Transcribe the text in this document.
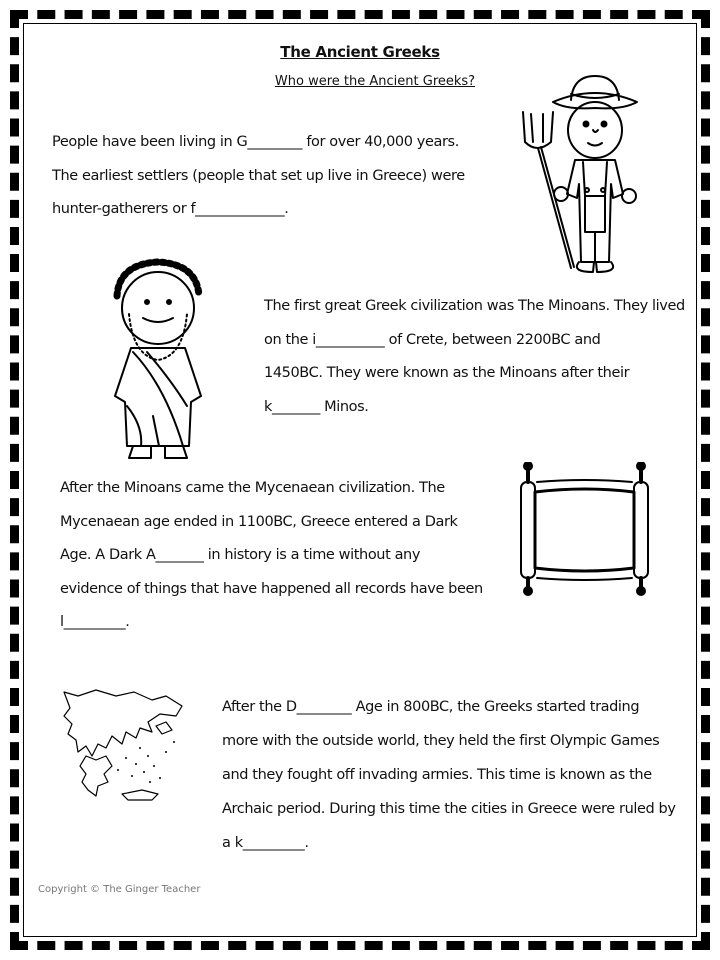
The Ancient Greeks
Who were the Ancient Greeks?
People have been living in G________ for over 40,000 years.
The earliest settlers (people that set up live in Greece) were
hunter-gatherers or f_____________.
The first great Greek civilization was The Minoans. They lived
on the i__________ of Crete, between 2200BC and
1450BC. They were known as the Minoans after their
k_______ Minos.
After the Minoans came the Mycenaean civilization. The
Mycenaean age ended in 1100BC, Greece entered a Dark
Age. A Dark A_______ in history is a time without any
evidence of things that have happened all records have been
l_________.
After the D________ Age in 800BC, the Greeks started trading
more with the outside world, they held the first Olympic Games
and they fought off invading armies. This time is known as the
Archaic period. During this time the cities in Greece were ruled by
a k_________.
Copyright © The Ginger Teacher
